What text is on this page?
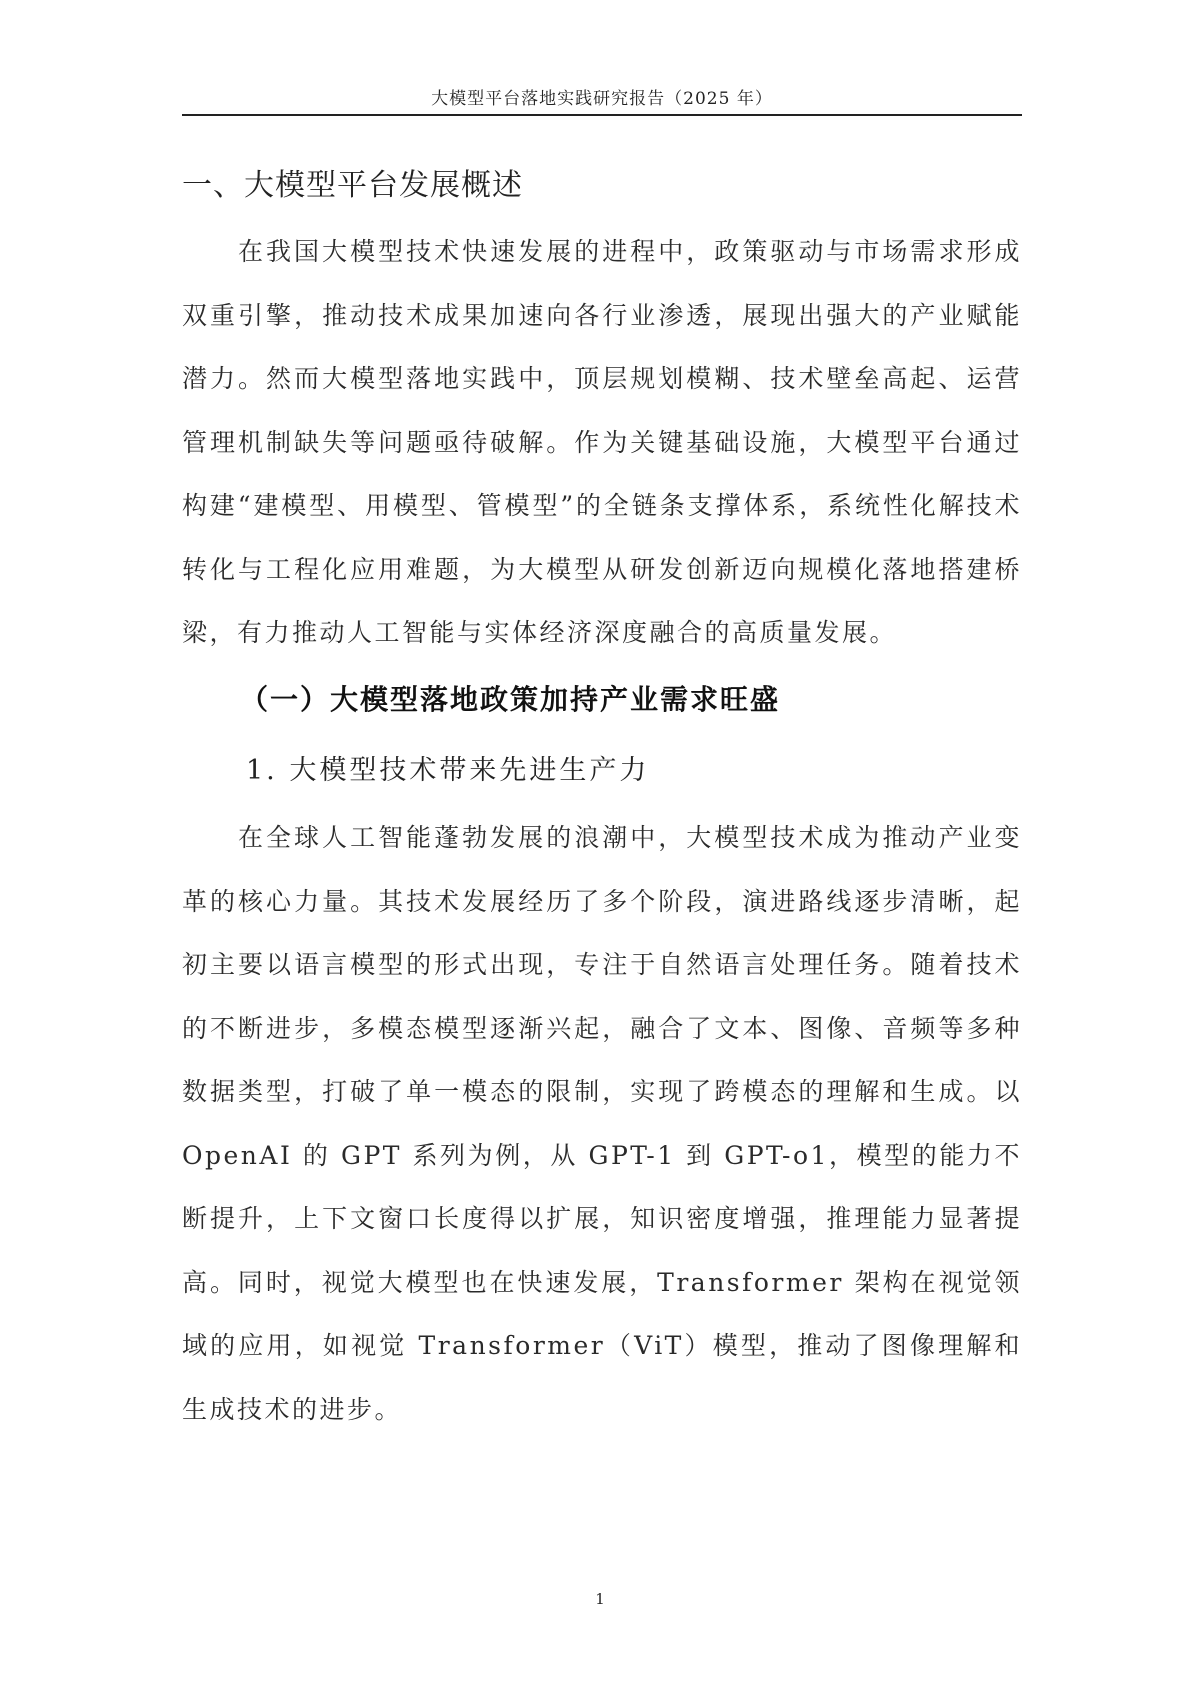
大模型平台落地实践研究报告（2025 年）
一、大模型平台发展概述

在我国大模型技术快速发展的进程中，政策驱动与市场需求形成双重引擎，推动技术成果加速向各行业渗透，展现出强大的产业赋能潜力。然而大模型落地实践中，顶层规划模糊、技术壁垒高起、运营管理机制缺失等问题亟待破解。作为关键基础设施，大模型平台通过构建“建模型、用模型、管模型”的全链条支撑体系，系统性化解技术转化与工程化应用难题，为大模型从研发创新迈向规模化落地搭建桥梁，有力推动人工智能与实体经济深度融合的高质量发展。

（一）大模型落地政策加持产业需求旺盛
1. 大模型技术带来先进生产力

在全球人工智能蓬勃发展的浪潮中，大模型技术成为推动产业变革的核心力量。其技术发展经历了多个阶段，演进路线逐步清晰，起初主要以语言模型的形式出现，专注于自然语言处理任务。随着技术的不断进步，多模态模型逐渐兴起，融合了文本、图像、音频等多种数据类型，打破了单一模态的限制，实现了跨模态的理解和生成。以 OpenAI 的 GPT 系列为例，从 GPT-1 到 GPT-o1，模型的能力不断提升，上下文窗口长度得以扩展，知识密度增强，推理能力显著提高。同时，视觉大模型也在快速发展，Transformer 架构在视觉领域的应用，如视觉 Transformer（ViT）模型，推动了图像理解和生成技术的进步。

1
